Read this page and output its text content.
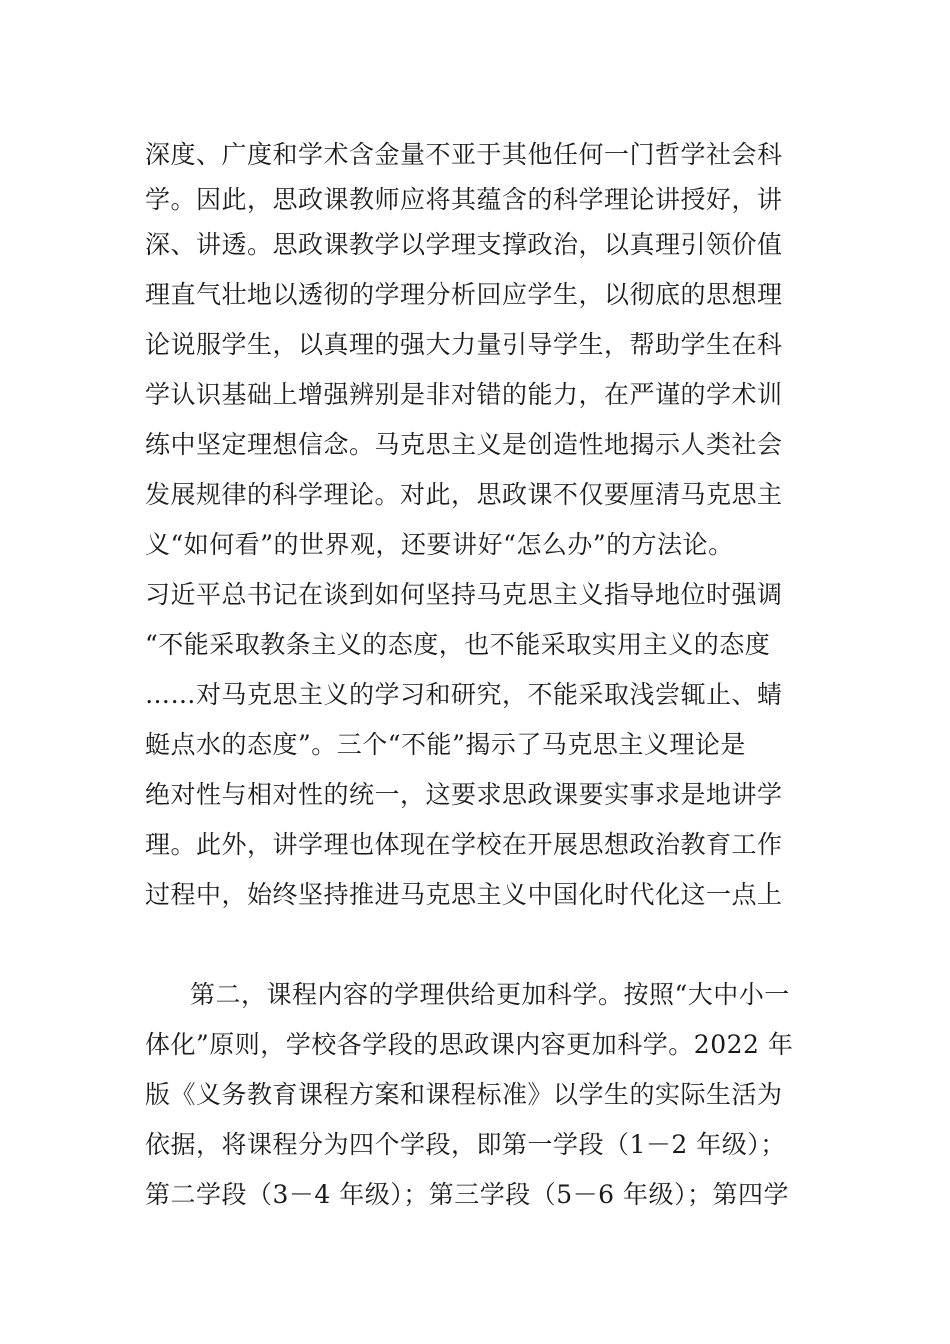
深度、广度和学术含金量不亚于其他任何一门哲学社会科
学。因此，思政课教师应将其蕴含的科学理论讲授好，讲
深、讲透。思政课教学以学理支撑政治，以真理引领价值
理直气壮地以透彻的学理分析回应学生，以彻底的思想理
论说服学生，以真理的强大力量引导学生，帮助学生在科
学认识基础上增强辨别是非对错的能力，在严谨的学术训
练中坚定理想信念。马克思主义是创造性地揭示人类社会
发展规律的科学理论。对此，思政课不仅要厘清马克思主
义“如何看”的世界观，还要讲好“怎么办”的方法论。
习近平总书记在谈到如何坚持马克思主义指导地位时强调
“不能采取教条主义的态度，也不能采取实用主义的态度
……对马克思主义的学习和研究，不能采取浅尝辄止、蜻
蜓点水的态度”。三个“不能”揭示了马克思主义理论是
绝对性与相对性的统一，这要求思政课要实事求是地讲学
理。此外，讲学理也体现在学校在开展思想政治教育工作
过程中，始终坚持推进马克思主义中国化时代化这一点上
第二，课程内容的学理供给更加科学。按照“大中小一
体化”原则，学校各学段的思政课内容更加科学。2022 年
版《义务教育课程方案和课程标准》以学生的实际生活为
依据，将课程分为四个学段，即第一学段（1－2 年级）；
第二学段（3－4 年级）；第三学段（5－6 年级）；第四学
